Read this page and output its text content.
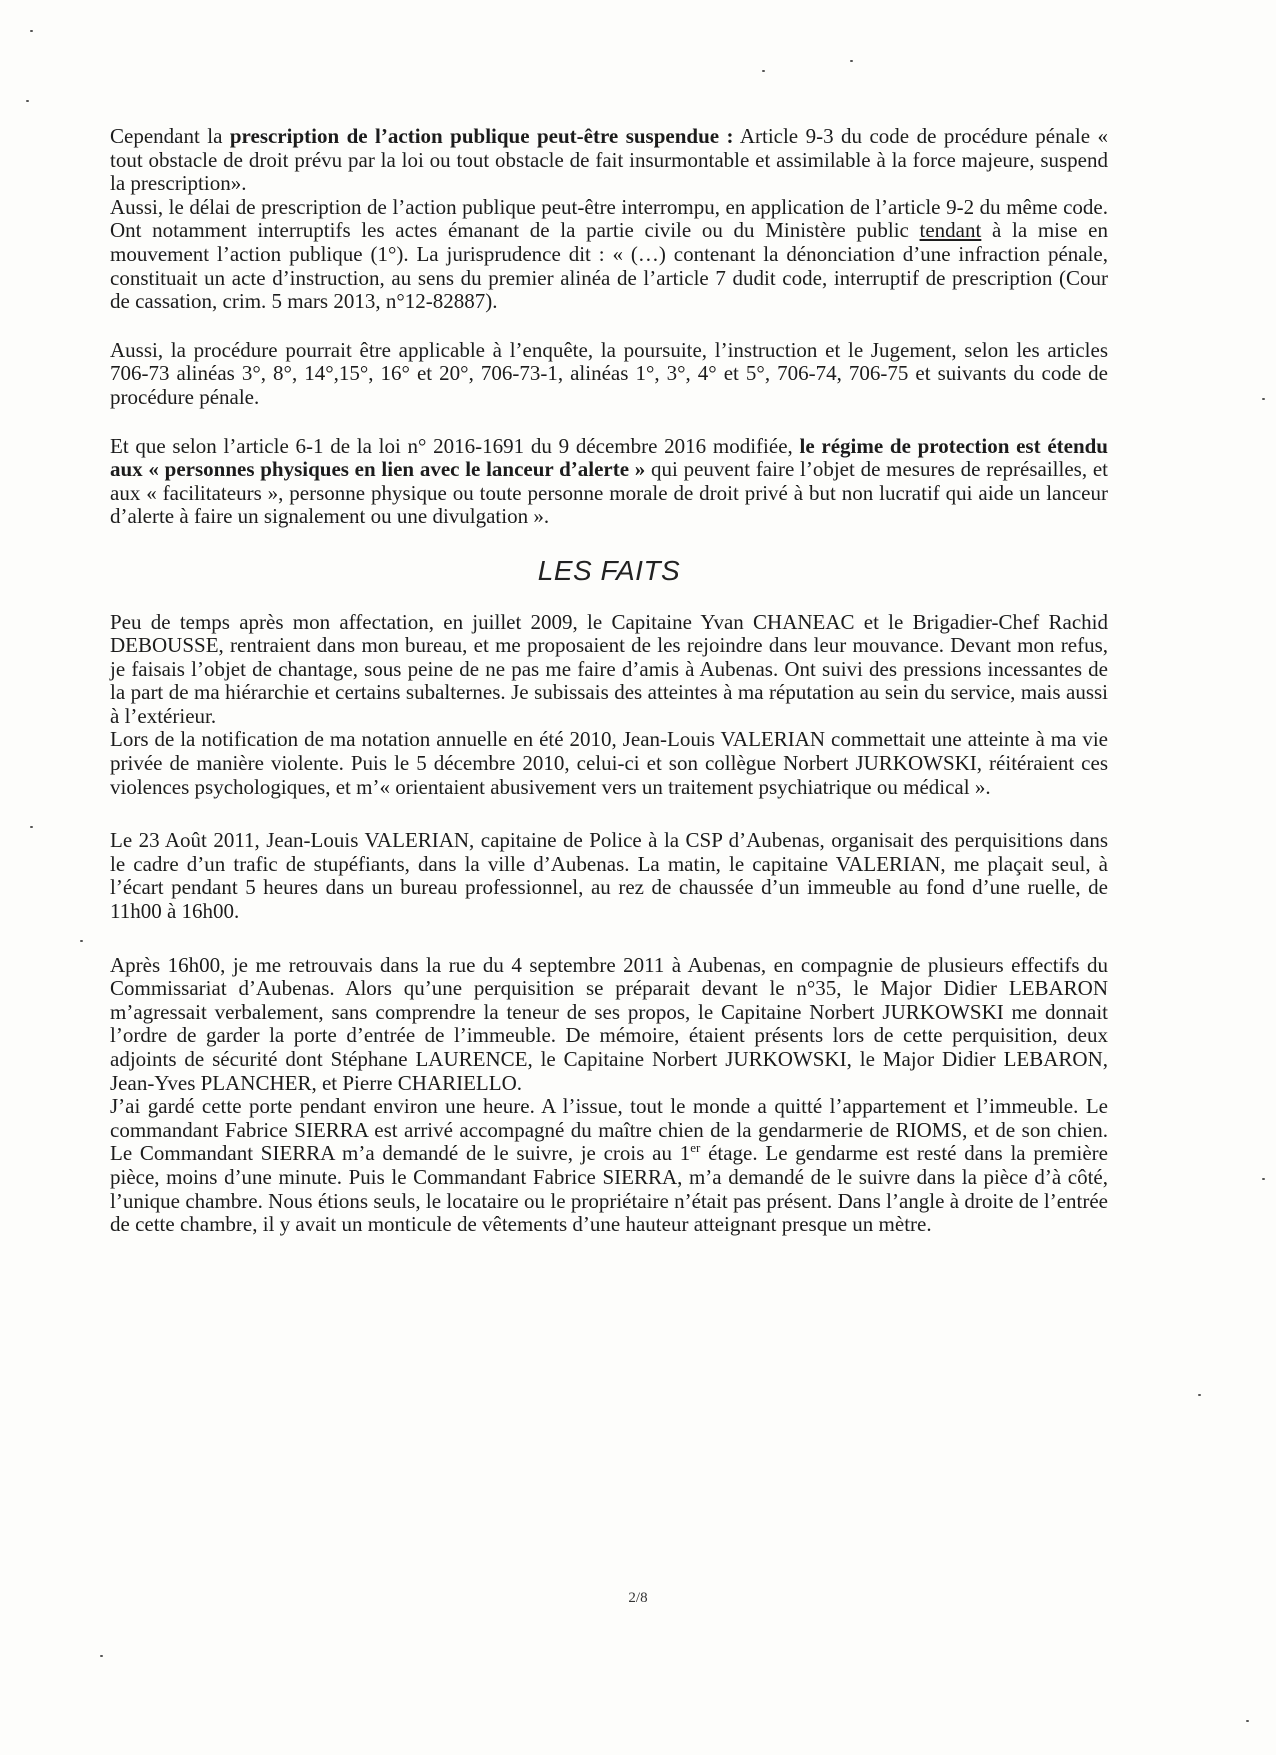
Cependant la prescription de l’action publique peut-être suspendue : Article 9-3 du code de procédure pénale « tout obstacle de droit prévu par la loi ou tout obstacle de fait insurmontable et assimilable à la force majeure, suspend la prescription».

Aussi, le délai de prescription de l’action publique peut-être interrompu, en application de l’article 9-2 du même code. Ont notamment interruptifs les actes émanant de la partie civile ou du Ministère public tendant à la mise en mouvement l’action publique (1°). La jurisprudence dit : « (…) contenant la dénonciation d’une infraction pénale, constituait un acte d’instruction, au sens du premier alinéa de l’article 7 dudit code, interruptif de prescription (Cour de cassation, crim. 5 mars 2013, n°12-82887).

Aussi, la procédure pourrait être applicable à l’enquête, la poursuite, l’instruction et le Jugement, selon les articles 706-73 alinéas 3°, 8°, 14°,15°, 16° et 20°, 706-73-1, alinéas 1°, 3°, 4° et 5°, 706-74, 706-75 et suivants du code de procédure pénale.

Et que selon l’article 6-1 de la loi n° 2016-1691 du 9 décembre 2016 modifiée, le régime de protection est étendu aux « personnes physiques en lien avec le lanceur d’alerte » qui peuvent faire l’objet de mesures de représailles, et aux « facilitateurs », personne physique ou toute personne morale de droit privé à but non lucratif qui aide un lanceur d’alerte à faire un signalement ou une divulgation ».

LES FAITS

Peu de temps après mon affectation, en juillet 2009, le Capitaine Yvan CHANEAC et le Brigadier-Chef Rachid DEBOUSSE, rentraient dans mon bureau, et me proposaient de les rejoindre dans leur mouvance. Devant mon refus, je faisais l’objet de chantage, sous peine de ne pas me faire d’amis à Aubenas. Ont suivi des pressions incessantes de la part de ma hiérarchie et certains subalternes. Je subissais des atteintes à ma réputation au sein du service, mais aussi à l’extérieur.

Lors de la notification de ma notation annuelle en été 2010, Jean-Louis VALERIAN commettait une atteinte à ma vie privée de manière violente. Puis le 5 décembre 2010, celui-ci et son collègue Norbert JURKOWSKI, réitéraient ces violences psychologiques, et m’« orientaient abusivement vers un traitement psychiatrique ou médical ».

Le 23 Août 2011, Jean-Louis VALERIAN, capitaine de Police à la CSP d’Aubenas, organisait des perquisitions dans le cadre d’un trafic de stupéfiants, dans la ville d’Aubenas. La matin, le capitaine VALERIAN, me plaçait seul, à l’écart pendant 5 heures dans un bureau professionnel, au rez de chaussée d’un immeuble au fond d’une ruelle, de 11h00 à 16h00.

Après 16h00, je me retrouvais dans la rue du 4 septembre 2011 à Aubenas, en compagnie de plusieurs effectifs du Commissariat d’Aubenas. Alors qu’une perquisition se préparait devant le n°35, le Major Didier LEBARON m’agressait verbalement, sans comprendre la teneur de ses propos, le Capitaine Norbert JURKOWSKI me donnait l’ordre de garder la porte d’entrée de l’immeuble. De mémoire, étaient présents lors de cette perquisition, deux adjoints de sécurité dont Stéphane LAURENCE, le Capitaine Norbert JURKOWSKI, le Major Didier LEBARON, Jean-Yves PLANCHER, et Pierre CHARIELLO.

J’ai gardé cette porte pendant environ une heure. A l’issue, tout le monde a quitté l’appartement et l’immeuble. Le commandant Fabrice SIERRA est arrivé accompagné du maître chien de la gendarmerie de RIOMS, et de son chien. Le Commandant SIERRA m’a demandé de le suivre, je crois au 1er étage. Le gendarme est resté dans la première pièce, moins d’une minute. Puis le Commandant Fabrice SIERRA, m’a demandé de le suivre dans la pièce d’à côté, l’unique chambre. Nous étions seuls, le locataire ou le propriétaire n’était pas présent. Dans l’angle à droite de l’entrée de cette chambre, il y avait un monticule de vêtements d’une hauteur atteignant presque un mètre.

2/8
